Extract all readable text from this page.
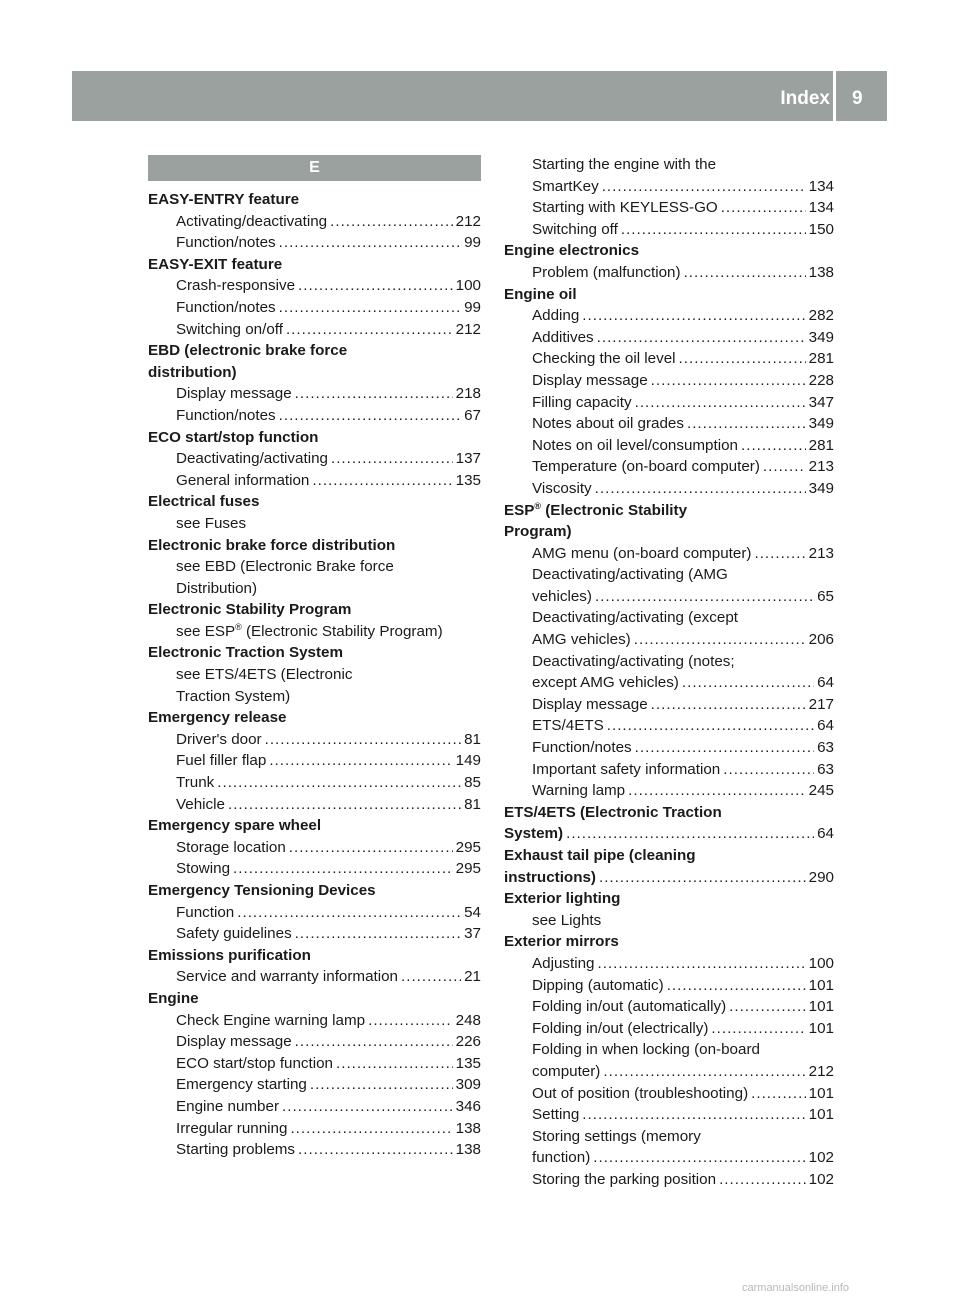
Index 9
E
EASY-ENTRY feature
Activating/deactivating .....	212
Function/notes .....	99
EASY-EXIT feature
Crash-responsive .....	100
Function/notes .....	99
Switching on/off .....	212
EBD (electronic brake force
distribution)
Display message .....	218
Function/notes .....	67
ECO start/stop function
Deactivating/activating .....	137
General information .....	135
Electrical fuses
see Fuses
Electronic brake force distribution
see EBD (Electronic Brake force
Distribution)
Electronic Stability Program
see ESP® (Electronic Stability Program)
Electronic Traction System
see ETS/4ETS (Electronic
Traction System)
Emergency release
Driver's door .....	81
Fuel filler flap .....	149
Trunk .....	85
Vehicle .....	81
Emergency spare wheel
Storage location .....	295
Stowing .....	295
Emergency Tensioning Devices
Function .....	54
Safety guidelines .....	37
Emissions purification
Service and warranty information .....	21
Engine
Check Engine warning lamp .....	248
Display message .....	226
ECO start/stop function .....	135
Emergency starting .....	309
Engine number .....	346
Irregular running .....	138
Starting problems .....	138
Starting the engine with the
SmartKey .....	134
Starting with KEYLESS-GO .....	134
Switching off .....	150
Engine electronics
Problem (malfunction) .....	138
Engine oil
Adding .....	282
Additives .....	349
Checking the oil level .....	281
Display message .....	228
Filling capacity .....	347
Notes about oil grades .....	349
Notes on oil level/consumption .....	281
Temperature (on-board computer) .....	213
Viscosity .....	349
ESP® (Electronic Stability
Program)
AMG menu (on-board computer) .....	213
Deactivating/activating (AMG
vehicles) .....	65
Deactivating/activating (except
AMG vehicles) .....	206
Deactivating/activating (notes;
except AMG vehicles) .....	64
Display message .....	217
ETS/4ETS .....	64
Function/notes .....	63
Important safety information .....	63
Warning lamp .....	245
ETS/4ETS (Electronic Traction
System) .....	64
Exhaust tail pipe (cleaning
instructions) .....	290
Exterior lighting
see Lights
Exterior mirrors
Adjusting .....	100
Dipping (automatic) .....	101
Folding in/out (automatically) .....	101
Folding in/out (electrically) .....	101
Folding in when locking (on-board
computer) .....	212
Out of position (troubleshooting) .....	101
Setting .....	101
Storing settings (memory
function) .....	102
Storing the parking position .....	102
carmanualsonline.info
